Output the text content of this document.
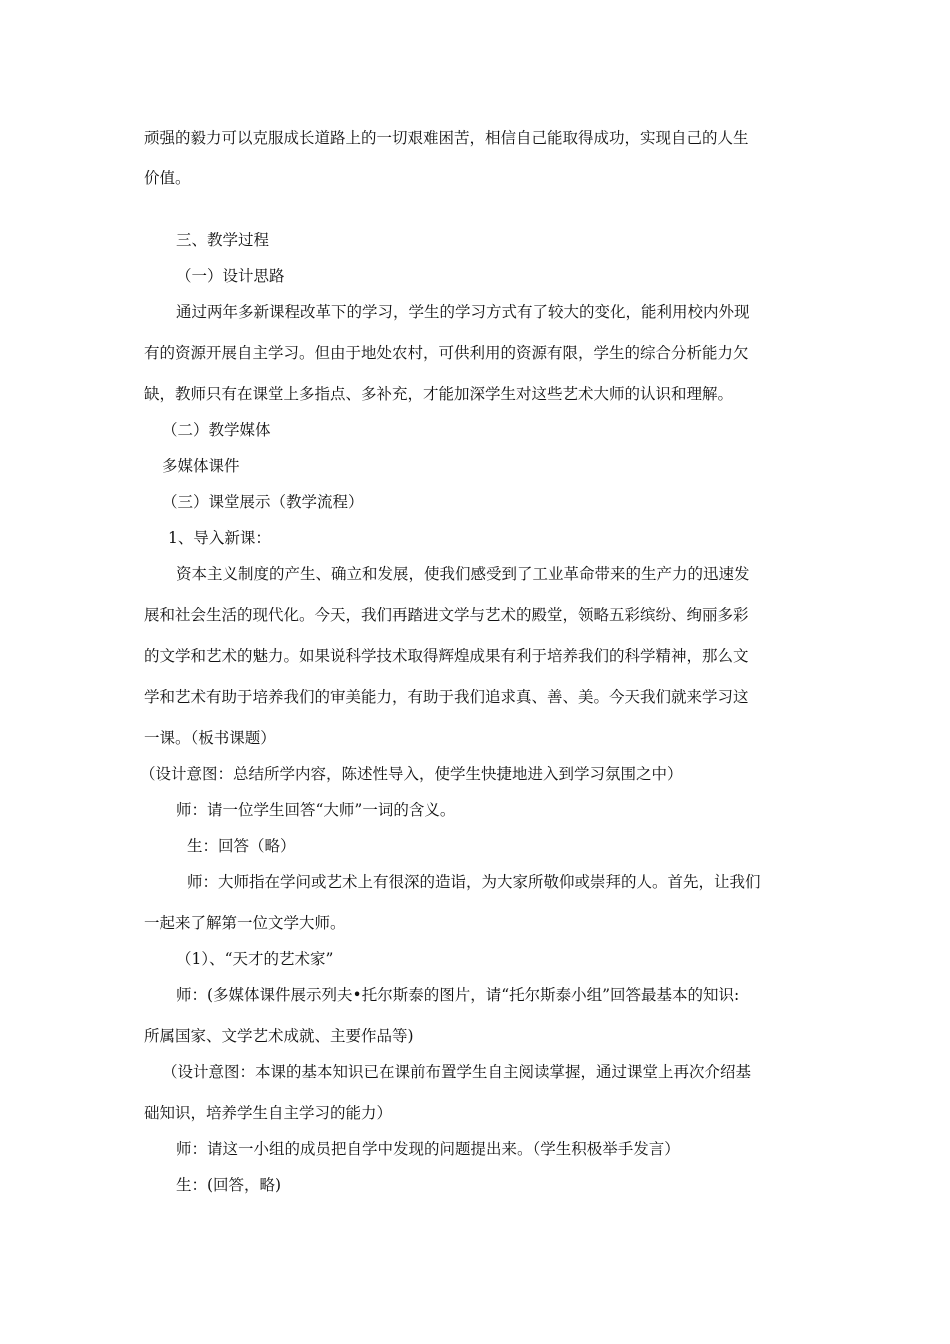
顽强的毅力可以克服成长道路上的一切艰难困苦，相信自己能取得成功，实现自己的人生
价值。
三、教学过程
（一）设计思路
通过两年多新课程改革下的学习，学生的学习方式有了较大的变化，能利用校内外现
有的资源开展自主学习。但由于地处农村，可供利用的资源有限，学生的综合分析能力欠
缺，教师只有在课堂上多指点、多补充，才能加深学生对这些艺术大师的认识和理解。
（二）教学媒体
多媒体课件
（三）课堂展示（教学流程）
1、导入新课：
资本主义制度的产生、确立和发展，使我们感受到了工业革命带来的生产力的迅速发
展和社会生活的现代化。今天，我们再踏进文学与艺术的殿堂，领略五彩缤纷、绚丽多彩
的文学和艺术的魅力。如果说科学技术取得辉煌成果有利于培养我们的科学精神，那么文
学和艺术有助于培养我们的审美能力，有助于我们追求真、善、美。今天我们就来学习这
一课。（板书课题）
（设计意图：总结所学内容，陈述性导入，使学生快捷地进入到学习氛围之中）
师：请一位学生回答“大师”一词的含义。
生：回答（略）
师：大师指在学问或艺术上有很深的造诣，为大家所敬仰或崇拜的人。首先，让我们
一起来了解第一位文学大师。
（1）、“天才的艺术家”
师：(多媒体课件展示列夫•托尔斯泰的图片，请“托尔斯泰小组”回答最基本的知识:
所属国家、文学艺术成就、主要作品等)
（设计意图：本课的基本知识已在课前布置学生自主阅读掌握，通过课堂上再次介绍基
础知识，培养学生自主学习的能力）
师：请这一小组的成员把自学中发现的问题提出来。（学生积极举手发言）
生：(回答，略)
